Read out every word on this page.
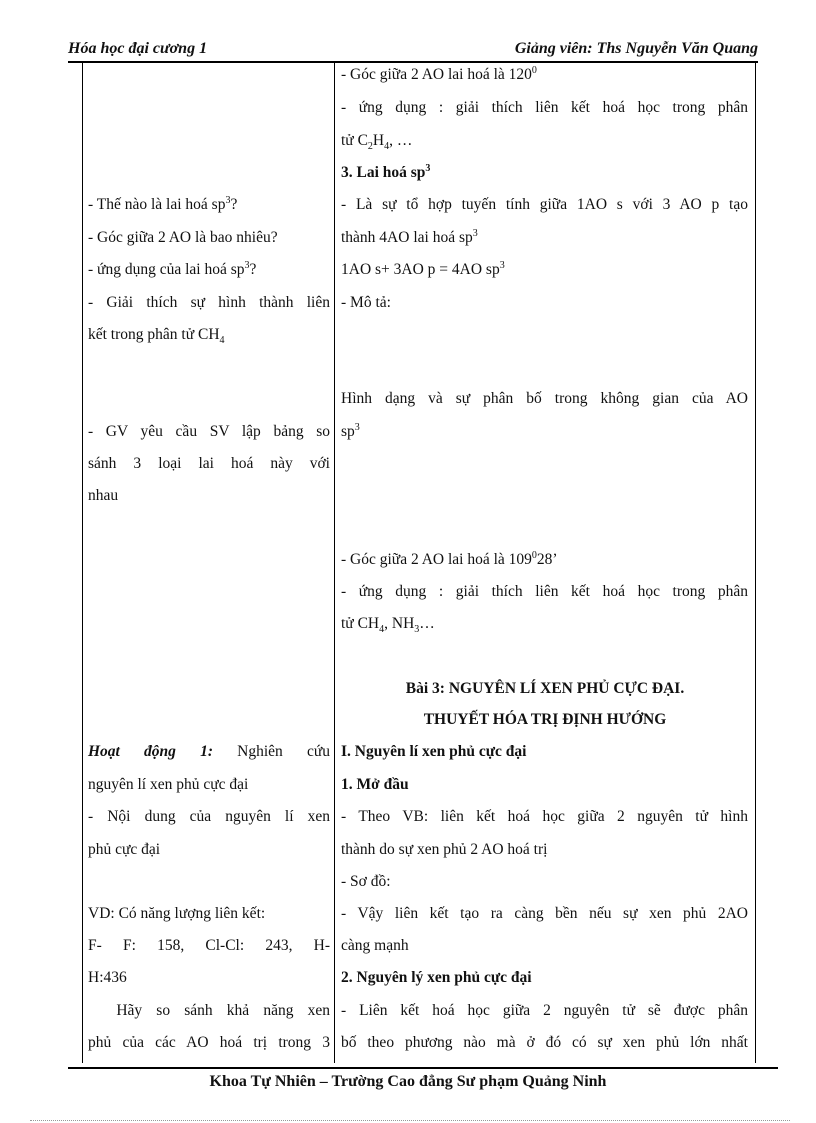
Hóa học đại cương 1	Giảng viên: Ths Nguyễn Văn Quang
- Góc giữa 2 AO lai hoá là $120^0$
- ứng dụng : giải thích liên kết hoá học trong phân
tử $C_2H_4$, …
3. Lai hoá $sp^3$
- Là sự tổ hợp tuyến tính giữa 1AO s với 3 AO p tạo
thành 4AO lai hoá $sp^3$
1AO s+ 3AO p = 4AO $sp^3$
- Mô tả:
Hình dạng và sự phân bố trong không gian của AO
$sp^3$
- Góc giữa 2 AO lai hoá là $109^028$’
- ứng dụng : giải thích liên kết hoá học trong phân
tử $CH_4$, $NH_3\dots$
Bài 3: NGUYÊN LÍ XEN PHỦ CỰC ĐẠI.
THUYẾT HÓA TRỊ ĐỊNH HƯỚNG
I. Nguyên lí xen phủ cực đại
1. Mở đầu
- Theo VB: liên kết hoá học giữa 2 nguyên tử hình
thành do sự xen phủ 2 AO hoá trị
- Sơ đồ:
- Vậy liên kết tạo ra càng bền nếu sự xen phủ 2AO
càng mạnh
2. Nguyên lý xen phủ cực đại
- Liên kết hoá học giữa 2 nguyên tử sẽ được phân
bố theo phương nào mà ở đó có sự xen phủ lớn nhất
- Thế nào là lai hoá $sp^3$?
- Góc giữa 2 AO là bao nhiêu?
- ứng dụng của lai hoá $sp^3$?
- Giải thích sự hình thành liên
kết trong phân tử $CH_4$
- GV yêu cầu SV lập bảng so
sánh 3 loại lai hoá này với
nhau
Hoạt động 1: Nghiên cứu
nguyên lí xen phủ cực đại
- Nội dung của nguyên lí xen
phủ cực đại
VD: Có năng lượng liên kết:
F- F: 158, Cl-Cl: 243, H-
H:436
Hãy so sánh khả năng xen
phủ của các AO hoá trị trong 3
Khoa Tự Nhiên – Trường Cao đẳng Sư phạm Quảng Ninh
